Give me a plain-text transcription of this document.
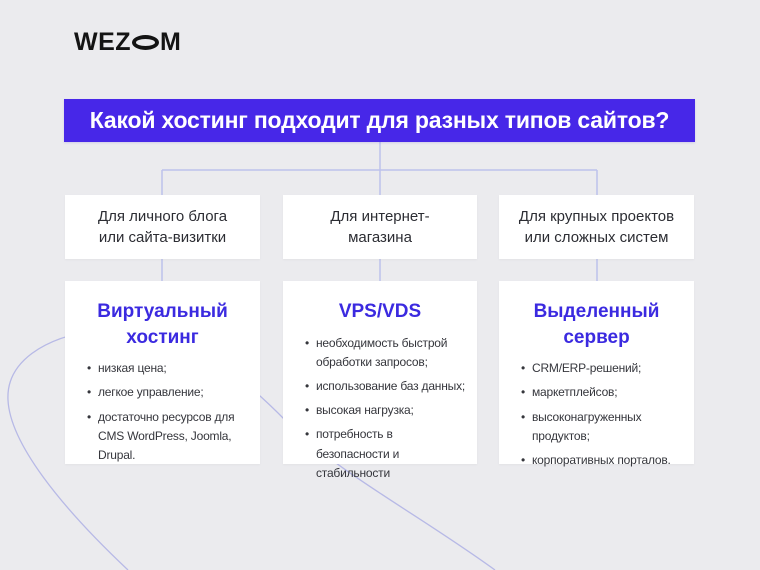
WEZ M
Какой хостинг подходит для разных типов сайтов?
Для личного блога
или сайта-визитки
Для интернет-
магазина
Для крупных проектов
или сложных систем
Виртуальный хостинг
• низкая цена;
• легкое управление;
• достаточно ресурсов для CMS WordPress, Joomla, Drupal.
VPS/VDS
• необходимость быстрой обработки запросов;
• использование баз данных;
• высокая нагрузка;
• потребность в безопасности и стабильности
Выделенный сервер
• CRM/ERP-решений;
• маркетплейсов;
• высоконагруженных продуктов;
• корпоративных порталов.
